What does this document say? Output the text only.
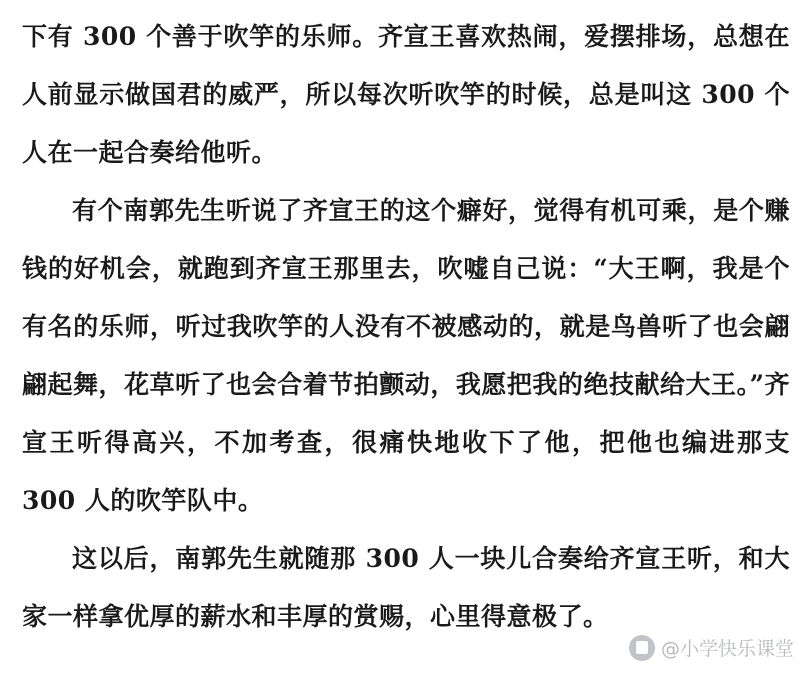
下有 300 个善于吹竽的乐师。齐宣王喜欢热闹，爱摆排场，总想在人前显示做国君的威严，所以每次听吹竽的时候，总是叫这 300 个人在一起合奏给他听。

有个南郭先生听说了齐宣王的这个癖好，觉得有机可乘，是个赚钱的好机会，就跑到齐宣王那里去，吹嘘自己说：“大王啊，我是个有名的乐师，听过我吹竽的人没有不被感动的，就是鸟兽听了也会翩翩起舞，花草听了也会合着节拍颤动，我愿把我的绝技献给大王。”齐宣王听得高兴，不加考查，很痛快地收下了他，把他也编进那支 300 人的吹竽队中。

这以后，南郭先生就随那 300 人一块儿合奏给齐宣王听，和大家一样拿优厚的薪水和丰厚的赏赐，心里得意极了。

@小学快乐课堂
